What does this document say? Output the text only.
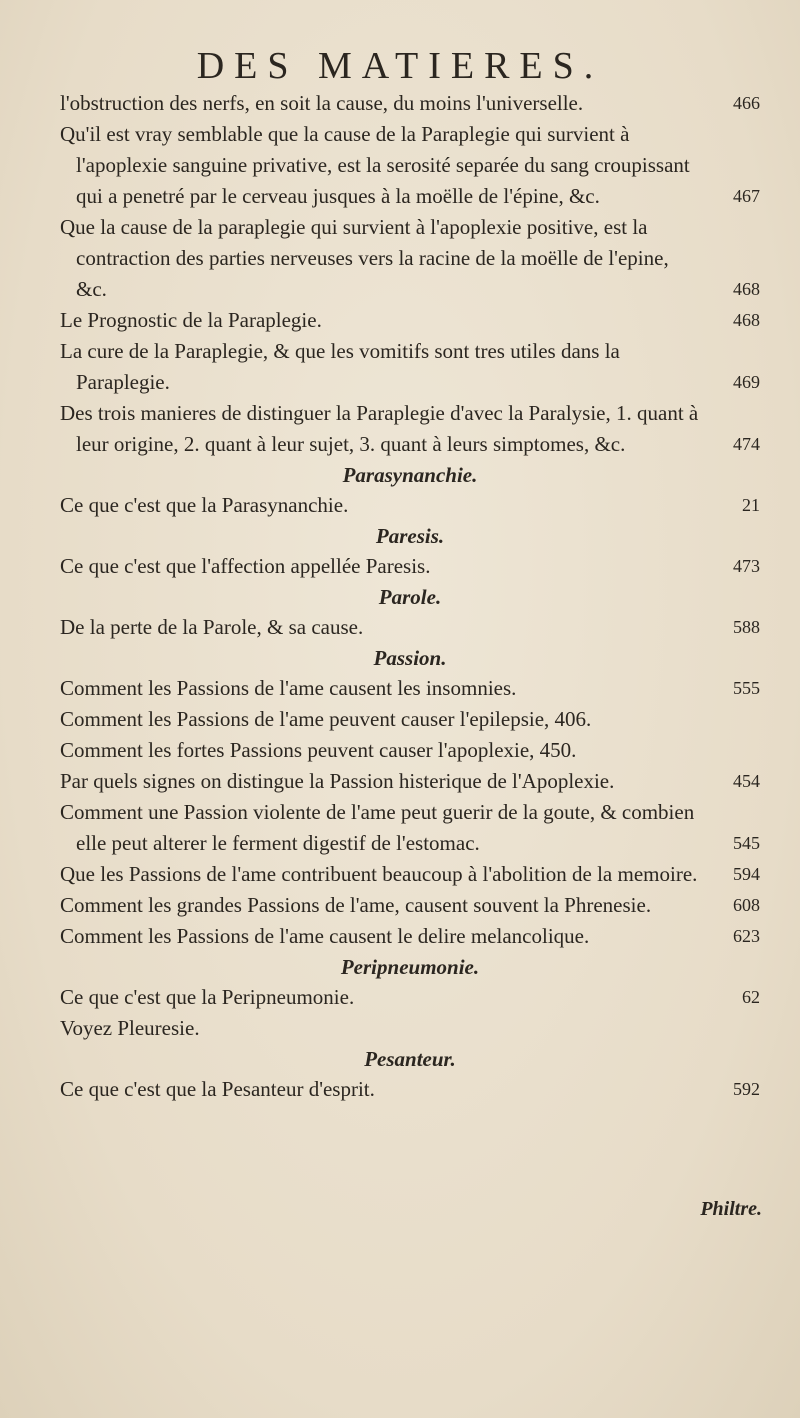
DES MATIERES.
l'obstruction des nerfs, en soit la cause, du moins l'universelle.	466
Qu'il est vray semblable que la cause de la Paraplegie qui survient à l'apoplexie sanguine privative, est la serosité separée du sang croupissant qui a penetré par le cerveau jusques à la moëlle de l'épine, &c.	467
Que la cause de la paraplegie qui survient à l'apoplexie positive, est la contraction des parties nerveuses vers la racine de la moëlle de l'epine, &c.	468
Le Prognostic de la Paraplegie.	468
La cure de la Paraplegie, & que les vomitifs sont tres utiles dans la Paraplegie.	469
Des trois manieres de distinguer la Paraplegie d'avec la Paralysie, 1. quant à leur origine, 2. quant à leur sujet, 3. quant à leurs simptomes, &c.	474
Parasynanchie.
Ce que c'est que la Parasynanchie.	21
Paresis.
Ce que c'est que l'affection appellée Paresis.	473
Parole.
De la perte de la Parole, & sa cause.	588
Passion.
Comment les Passions de l'ame causent les insomnies.	555
Comment les Passions de l'ame peuvent causer l'epilepsie, 406.
Comment les fortes Passions peuvent causer l'apoplexie, 450.
Par quels signes on distingue la Passion histerique de l'Apoplexie.	454
Comment une Passion violente de l'ame peut guerir de la goute, & combien elle peut alterer le ferment digestif de l'estomac.	545
Que les Passions de l'ame contribuent beaucoup à l'abolition de la memoire.	594
Comment les grandes Passions de l'ame, causent souvent la Phrenesie.	608
Comment les Passions de l'ame causent le delire melancolique.	623
Peripneumonie.
Ce que c'est que la Peripneumonie.	62
Voyez Pleuresie.
Pesanteur.
Ce que c'est que la Pesanteur d'esprit.	592
Philtre.
